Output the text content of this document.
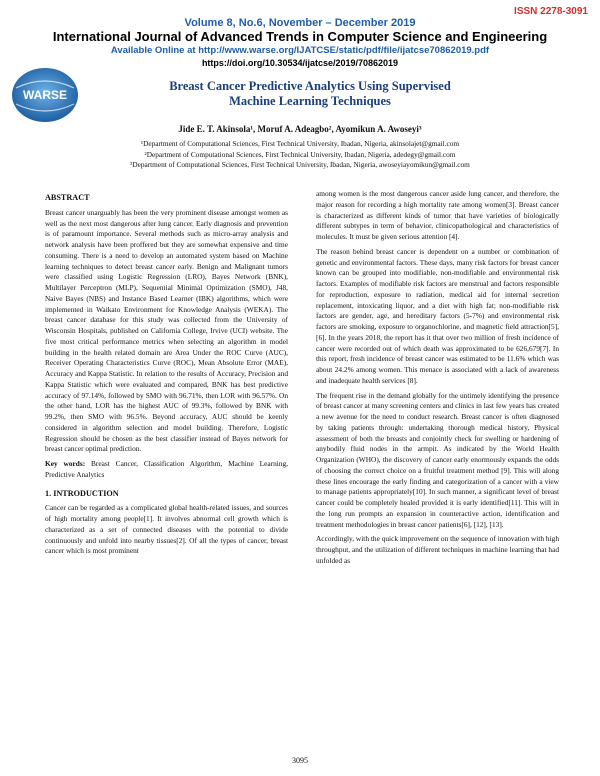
ISSN 2278-3091
Volume 8, No.6, November – December 2019
International Journal of Advanced Trends in Computer Science and Engineering
Available Online at http://www.warse.org/IJATCSE/static/pdf/file/ijatcse70862019.pdf
https://doi.org/10.30534/ijatcse/2019/70862019
WARSE
Breast Cancer Predictive Analytics Using Supervised
Machine Learning Techniques
Jide E. T. Akinsola¹, Moruf A. Adeagbo², Ayomikun A. Awoseyi³
¹Department of Computational Sciences, First Technical University, Ibadan, Nigeria, akinsolajet@gmail.com
²Department of Computational Sciences, First Technical University, Ibadan, Nigeria, adedegy@gmail.com
³Department of Computational Sciences, First Technical University, Ibadan, Nigeria, awoseyiayomikun@gmail.com
ABSTRACT

Breast cancer unarguably has been the very prominent disease amongst women as well as the next most dangerous after lung cancer. Early diagnosis and prevention is of paramount importance. Several methods such as micro-array analysis and network analysis have been proffered but they are somewhat expensive and time consuming. There is a need to develop an automated system based on Machine learning techniques to detect breast cancer early. Benign and Malignant tumors were classified using Logistic Regression (LRO), Bayes Network (BNK), Multilayer Perceptron (MLP), Sequential Minimal Optimization (SMO), J48, Naive Bayes (NBS) and Instance Based Learner (IBK) algorithms, which were implemented in Waikato Environment for Knowledge Analysis (WEKA). The breast cancer database for this study was collected from the University of Wisconsin Hospitals, published on California College, Irvive (UCI) website. The five most critical performance metrics when selecting an algorithm in model building in the health related domain are Area Under the ROC Curve (AUC), Receiver Operating Characteristics Curve (ROC), Mean Absolute Error (MAE), Accuracy and Kappa Statistic. In relation to the results of Accuracy, Precision and Kappa Statistic which were evaluated and compared, BNK has best predictive accuracy of 97.14%, followed by SMO with 96.71%, then LOR with 96.57%. On the other hand, LOR has the highest AUC of 99.3%, followed by BNK with 99.2%, then SMO with 96.5%. Beyond accuracy, AUC should be keenly considered in algorithm selection and model building. Therefore, Logistic Regression should be chosen as the best classifier instead of Bayes network for breast cancer optimal prediction.

Key words: Breast Cancer, Classification Algorithm, Machine Learning, Predictive Analytics

1. INTRODUCTION

Cancer can be regarded as a complicated global health-related issues, and sources of high mortality among people[1]. It involves abnormal cell growth which is characterized as a set of connected diseases with the potential to divide continuously and unfold into nearby tissues[2]. Of all the types of cancer, breast cancer which is most prominent

among women is the most dangerous cancer aside lung cancer, and therefore, the major reason for recording a high mortality rate among women[3]. Breast cancer is characterized as different kinds of tumor that have varieties of biologically different subtypes in term of behavior, clinicopathological and characteristics of molecules. It must be given serious attention [4].

The reason behind breast cancer is dependent on a number or combination of genetic and environmental factors. These days, many risk factors for breast cancer known can be grouped into modifiable, non-modifiable and environmental risk factors. Examples of modifiable risk factors are menstrual and factors responsible for reproduction, exposure to radiation, medical aid for internal secretion replacement, intoxicating liquor, and a diet with high fat; non-modifiable risk factors are gender, age, and hereditary factors (5-7%) and environmental risk factors are smoking, exposure to organochlorine, and magnetic field attraction[5], [6]. In the years 2018, the report has it that over two million of fresh incidence of cancer were recorded out of which death was approximated to be 626,679[7]. In this report, fresh incidence of breast cancer was estimated to be 11.6% which was about 24.2% among women. This menace is associated with a lack of awareness and inadequate health services [8].

The frequent rise in the demand globally for the untimely identifying the presence of breast cancer at many screening centers and clinics in last few years has created a new avenue for the need to conduct research. Breast cancer is often diagnosed by taking patients through: undertaking thorough medical history, Physical assessment of both the breasts and conjointly check for swelling or hardening of anybodily fluid nodes in the armpit. As indicated by the World Health Organization (WHO), the discovery of cancer early enormously expands the odds of choosing the correct choice on a fruitful treatment method [9]. This will along these lines encourage the early finding and categorization of a cancer with a view to manage patients appropriately[10]. In such manner, a significant level of breast cancer could be completely healed provided it is early identified[11]. This will in the long run prompts an expansion in counteractive action, identification and treatment methodologies in breast cancer patients[6], [12], [13].

Accordingly, with the quick improvement on the sequence of innovation with high throughput, and the utilization of different techniques in machine learning that had unfolded as

3095
